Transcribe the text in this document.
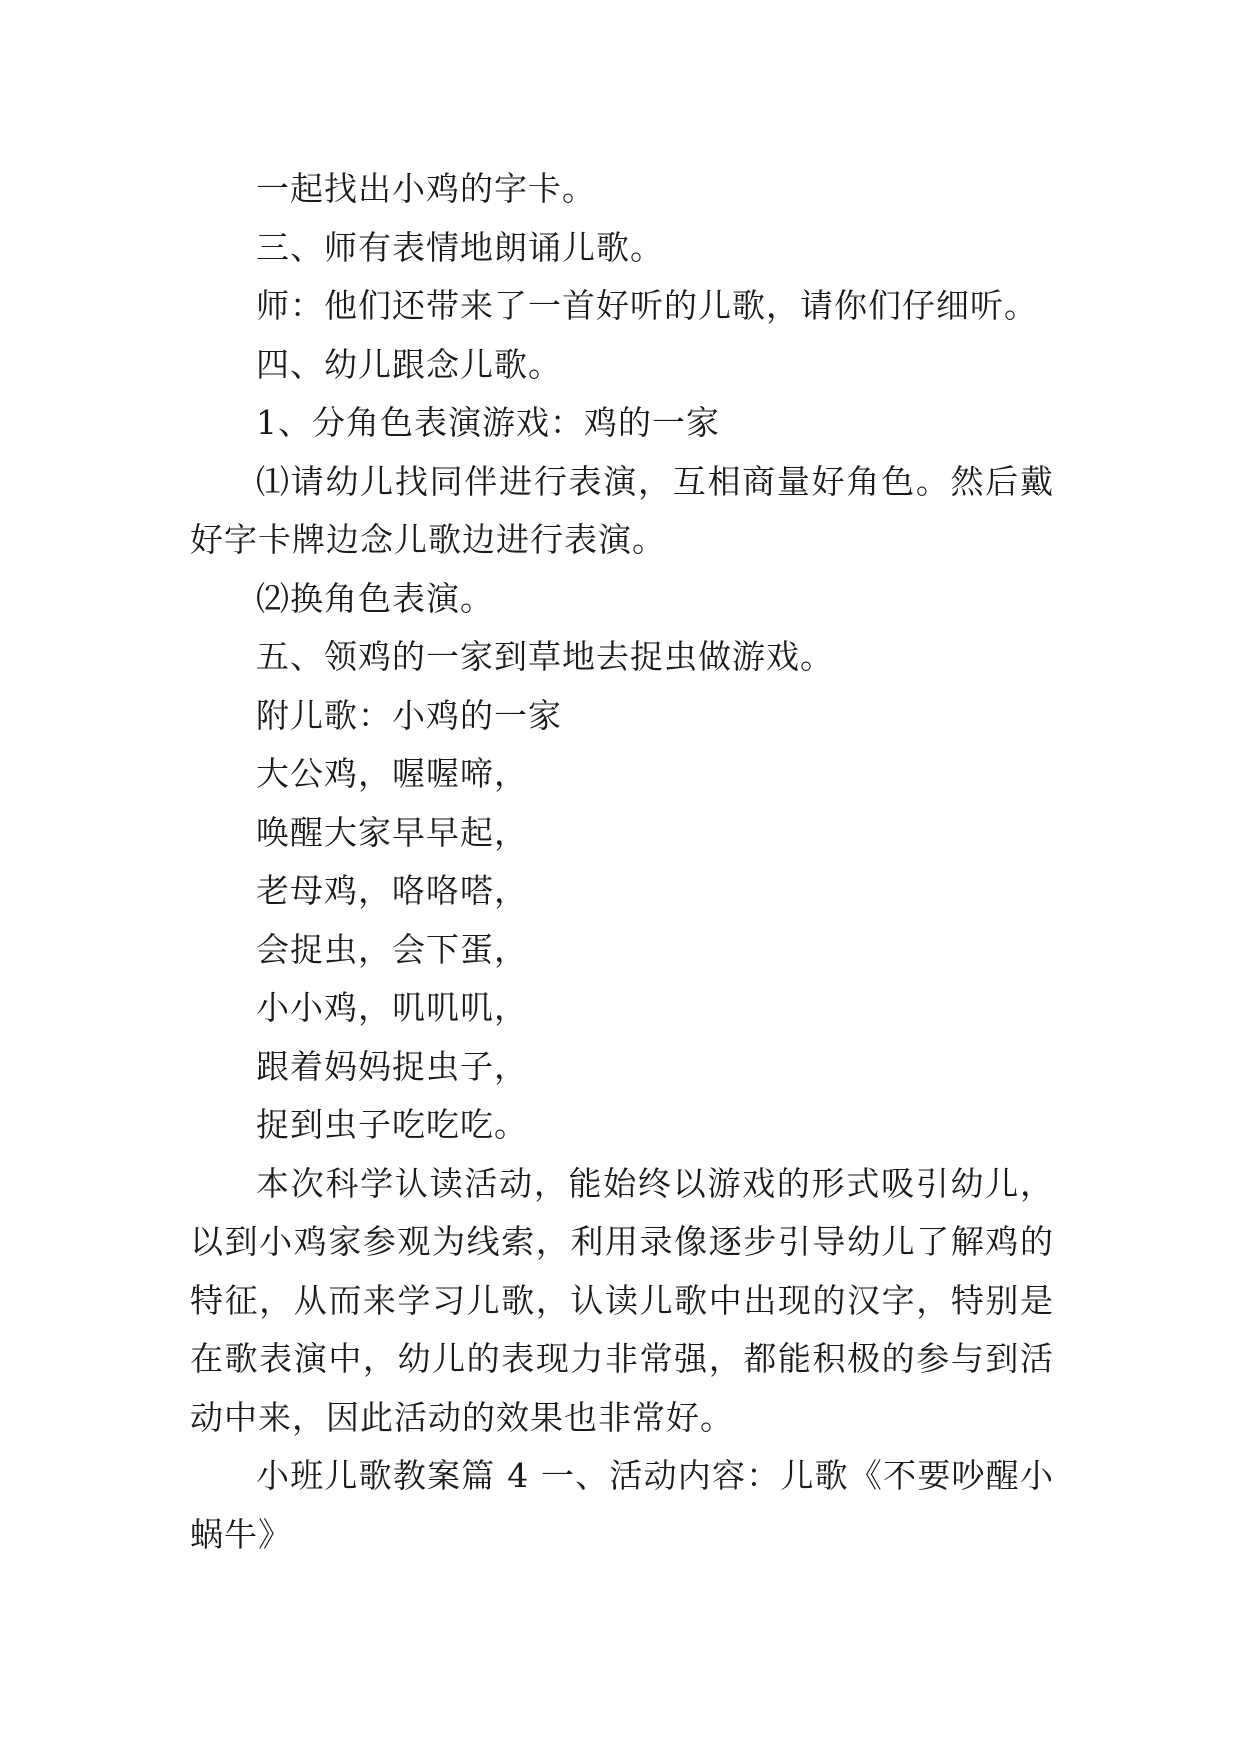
一起找出小鸡的字卡。

三、师有表情地朗诵儿歌。

师：他们还带来了一首好听的儿歌，请你们仔细听。

四、幼儿跟念儿歌。

1、分角色表演游戏：鸡的一家

⑴请幼儿找同伴进行表演，互相商量好角色。然后戴好字卡牌边念儿歌边进行表演。

⑵换角色表演。

五、领鸡的一家到草地去捉虫做游戏。

附儿歌：小鸡的一家

大公鸡，喔喔啼，

唤醒大家早早起，

老母鸡，咯咯嗒，

会捉虫，会下蛋，

小小鸡，叽叽叽，

跟着妈妈捉虫子，

捉到虫子吃吃吃。

本次科学认读活动，能始终以游戏的形式吸引幼儿，以到小鸡家参观为线索，利用录像逐步引导幼儿了解鸡的特征，从而来学习儿歌，认读儿歌中出现的汉字，特别是在歌表演中，幼儿的表现力非常强，都能积极的参与到活动中来，因此活动的效果也非常好。

小班儿歌教案篇 4 一、活动内容：儿歌《不要吵醒小蜗牛》
